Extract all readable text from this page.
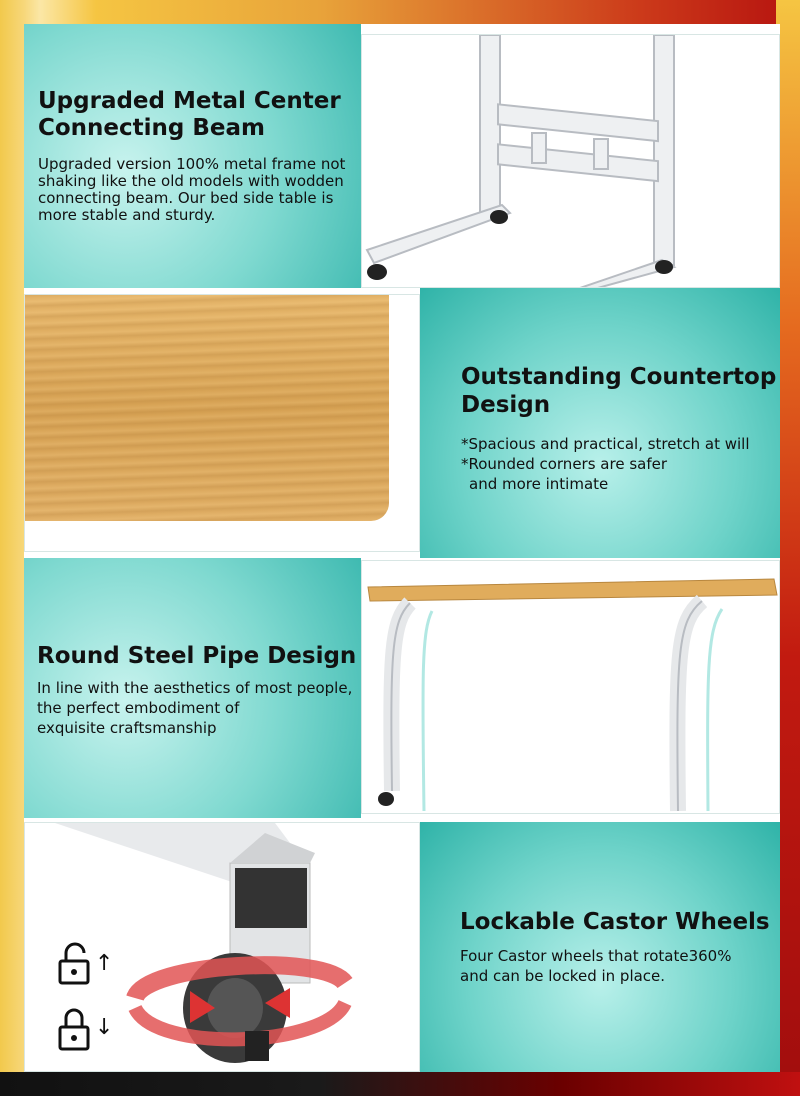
Upgraded Metal Center
Connecting Beam

Upgraded version 100% metal frame not shaking like the old models with wodden connecting beam. Our bed side table is more stable and sturdy.

Outstanding Countertop
Design

*Spacious and practical, stretch at will
*Rounded corners are safer
and more intimate

Round Steel Pipe Design

In line with the aesthetics of most people,
the perfect embodiment of
exquisite craftsmanship

↑
↓
Lockable Castor Wheels

Four Castor wheels that rotate360%
and can be locked in place.
